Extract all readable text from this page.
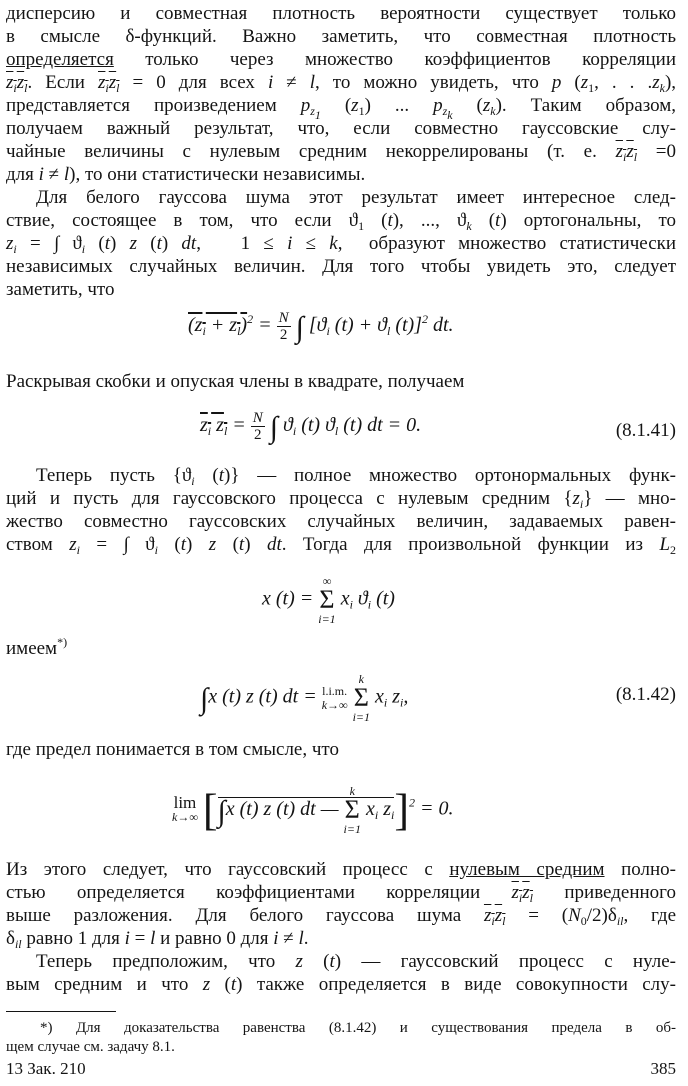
дисперсию и совместная плотность вероятности существует только
в смысле δ-функций. Важно заметить, что совместная плотность
определяется только через множество коэффициентов корреляции
$z_iz_l$. Если $z_iz_l = 0$ для всех i ≠ l, то можно увидеть, что p ($z_1$, . . $.z_k$),
представляется произведением $p_{z_1}$ $(z_1)$ ... $p_{z_k}$ $(z_k)$. Таким образом,
получаем важный результат, что, если совместно гауссовские слу-
чайные величины с нулевым средним некоррелированы (т. е. $z_iz_l =0$
для i ≠ l), то они статистически независимы.
Для белого гауссова шума этот результат имеет интересное след-
ствие, состоящее в том, что если $ϑ_1$ (t), ..., $ϑ_k$ (t) ортогональны, то
$z_i$ = ∫ $ϑ_i$ (t) z (t) dt,   1 ≤ i ≤ k,  образуют множество статистически
независимых случайных величин. Для того чтобы увидеть это, следует
заметить, что
$(z_i + z_l)^2 = \frac{N}{2}$ ∫ [$ϑ_i$ $(t) + ϑ_l$ (t)]$^2$ dt.
Раскрывая скобки и опуская члены в квадрате, получаем
$z_i$ $z_l = \frac{N}{2}$ ∫ $ϑ_i$ (t) $ϑ_l$ (t) dt = 0.	(8.1.41)
Теперь пусть {$ϑ_i$ (t)} — полное множество ортонормальных функ-
ций и пусть для гауссовского процесса с нулевым средним $\{z_i\}$ — мно-
жество совместно гауссовских случайных величин, задаваемых равен-
ством $z_i$ = ∫ $ϑ_i$ (t) z (t) dt. Тогда для произвольной функции из $L_2$
x (t) =
∞
Σ
i=1
$x_i$ $ϑ_i$ (t)
имеем*)
∫x (t) z (t) dt = l.i.m.
k→∞

k
Σ
i=1
$x_i$ $z_i$,	(8.1.42)
где предел понимается в том смысле, что
lim
k→∞ [∫x (t) z (t) dt —
k
Σ
i=1
$x_i$ $z_i]^2 = 0$.
Из этого следует, что гауссовский процесс с нулевым средним полно-
стью определяется коэффициентами корреляции $z_iz_l$ приведенного
выше разложения. Для белого гауссова шума $z_iz_l = (N_0/2)\delta_{il}$, где
$\delta_{il}$ равно 1 для i = l и равно 0 для i ≠ l.
Теперь предположим, что z (t) — гауссовский процесс с нуле-
вым средним и что z (t) также определяется в виде совокупности слу-
*) Для доказательства равенства (8.1.42) и существования предела в об-
щем случае см. задачу 8.1.
13 Зак. 210	385
